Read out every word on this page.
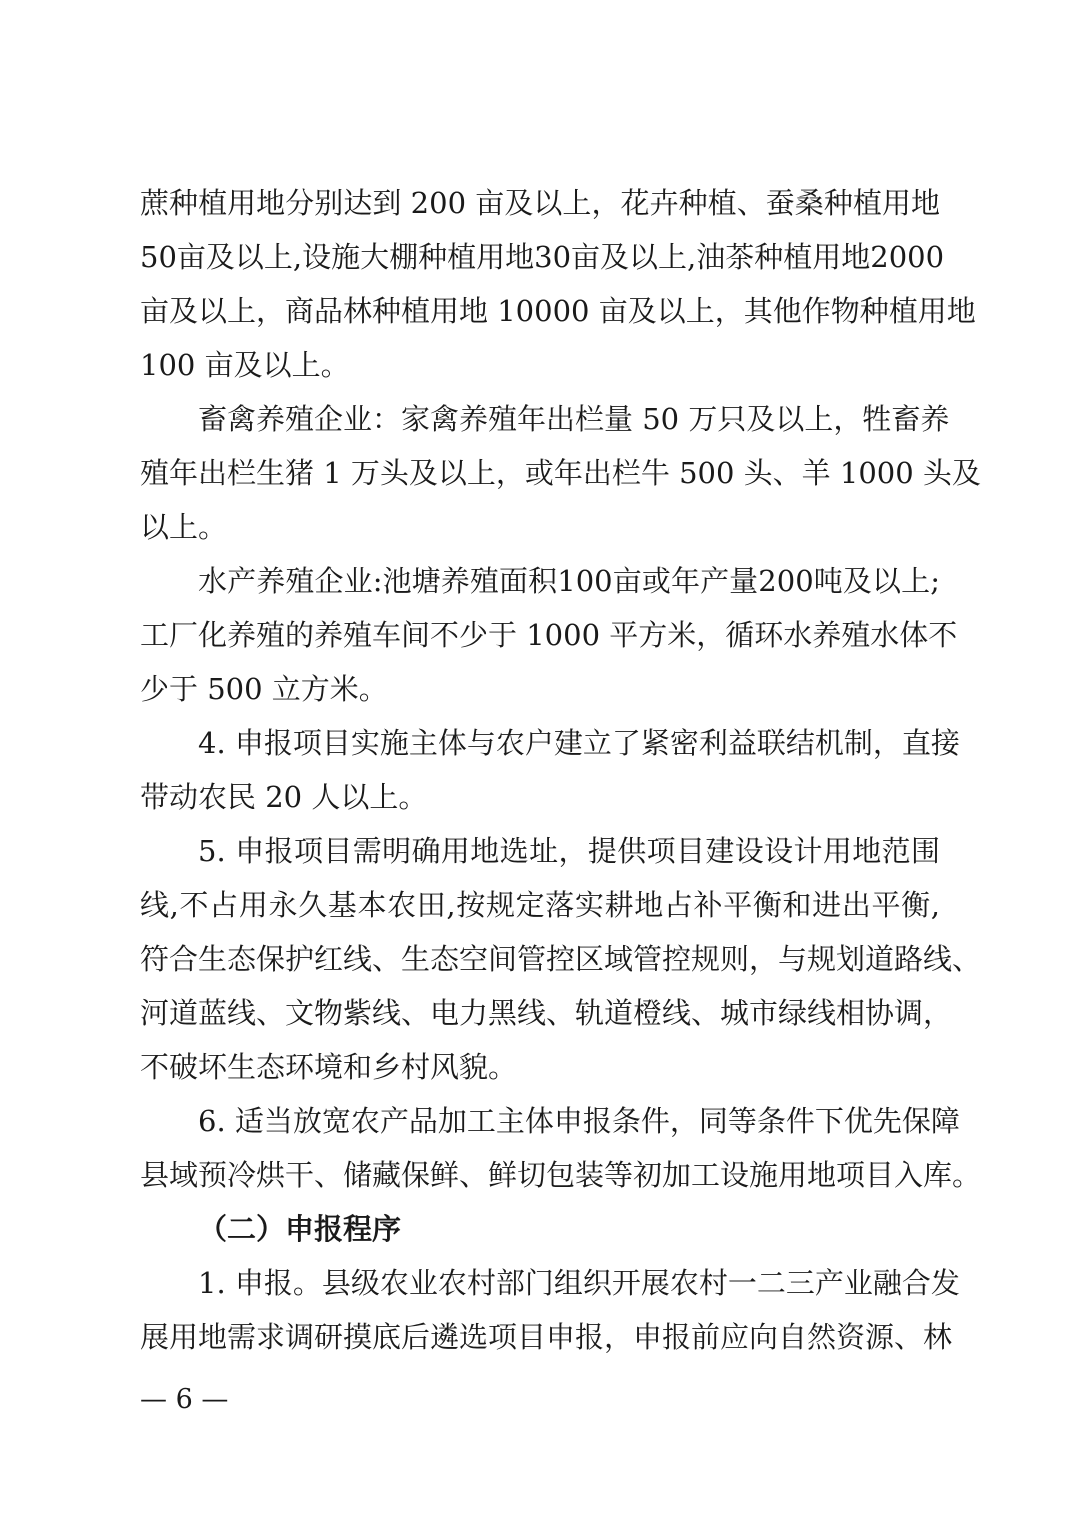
蔗种植用地分别达到 200 亩及以上，花卉种植、蚕桑种植用地
50亩及以上,设施大棚种植用地30亩及以上,油茶种植用地2000
亩及以上，商品林种植用地 10000 亩及以上，其他作物种植用地
100 亩及以上。
畜禽养殖企业：家禽养殖年出栏量 50 万只及以上，牲畜养
殖年出栏生猪 1 万头及以上，或年出栏牛 500 头、羊 1000 头及
以上。
水产养殖企业:池塘养殖面积100亩或年产量200吨及以上;
工厂化养殖的养殖车间不少于 1000 平方米，循环水养殖水体不
少于 500 立方米。
4. 申报项目实施主体与农户建立了紧密利益联结机制，直接
带动农民 20 人以上。
5. 申报项目需明确用地选址，提供项目建设设计用地范围
线,不占用永久基本农田,按规定落实耕地占补平衡和进出平衡,
符合生态保护红线、生态空间管控区域管控规则，与规划道路线、
河道蓝线、文物紫线、电力黑线、轨道橙线、城市绿线相协调，
不破坏生态环境和乡村风貌。
6. 适当放宽农产品加工主体申报条件，同等条件下优先保障
县域预冷烘干、储藏保鲜、鲜切包装等初加工设施用地项目入库。
（二）申报程序
1. 申报。县级农业农村部门组织开展农村一二三产业融合发
展用地需求调研摸底后遴选项目申报，申报前应向自然资源、林
— 6 —
